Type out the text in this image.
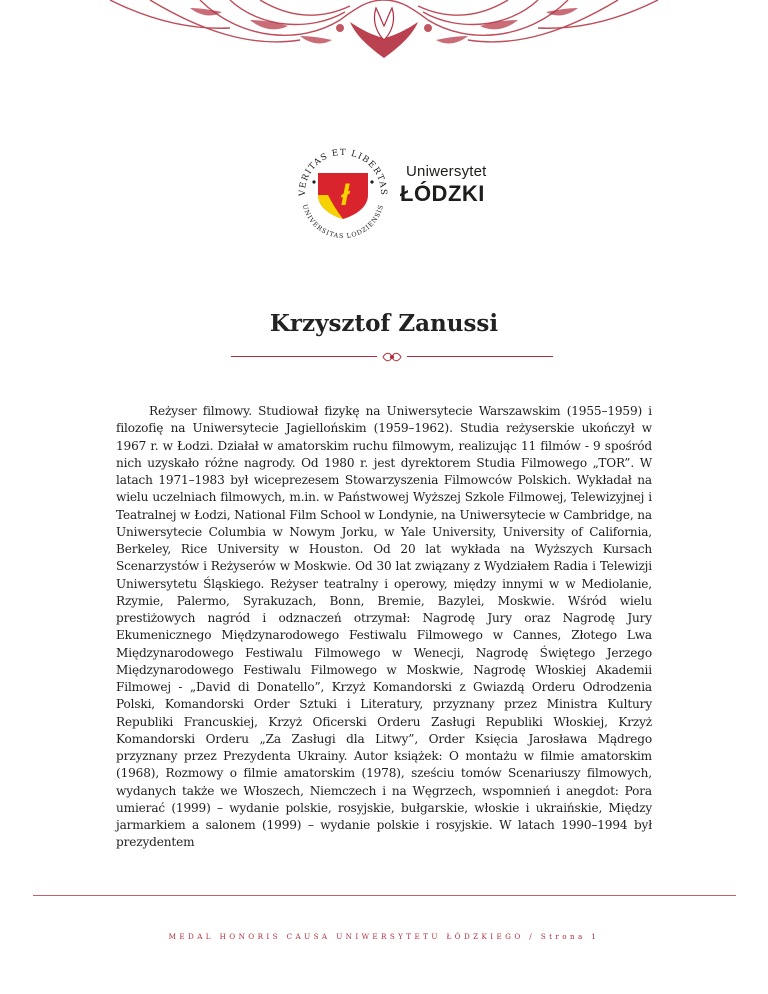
VERITAS ET LIBERTAS
UNIVERSITAS LODZIENSIS
ł
Uniwersytet
ŁÓDZKI
Krzysztof Zanussi

Reżyser filmowy. Studiował fizykę na Uniwersytecie Warszawskim (1955–1959) i filozofię na Uniwersytecie Jagiellońskim (1959–1962). Studia reżyserskie ukończył w 1967 r. w Łodzi. Działał w amatorskim ruchu filmowym, realizując 11 filmów - 9 spośród nich uzyskało różne nagrody. Od 1980 r. jest dyrektorem Studia Filmowego „TOR”. W latach 1971–1983 był wiceprezesem Stowarzyszenia Filmowców Polskich. Wykładał na wielu uczelniach filmowych, m.in. w Państwowej Wyższej Szkole Filmowej, Telewizyjnej i Teatralnej w Łodzi, National Film School w Londynie, na Uniwersytecie w Cambridge, na Uniwersytecie Columbia w Nowym Jorku, w Yale University, University of California, Berkeley, Rice University w Houston. Od 20 lat wykłada na Wyższych Kursach Scenarzystów i Reżyserów w Moskwie. Od 30 lat związany z Wydziałem Radia i Telewizji Uniwersytetu Śląskiego. Reżyser teatralny i operowy, między innymi w w Mediolanie, Rzymie, Palermo, Syrakuzach, Bonn, Bremie, Bazylei, Moskwie. Wśród wielu prestiżowych nagród i odznaczeń otrzymał: Nagrodę Jury oraz Nagrodę Jury Ekumenicznego Międzynarodowego Festiwalu Filmowego w Cannes, Złotego Lwa Międzynarodowego Festiwalu Filmowego w Wenecji, Nagrodę Świętego Jerzego Międzynarodowego Festiwalu Filmowego w Moskwie, Nagrodę Włoskiej Akademii Filmowej - „David di Donatello”, Krzyż Komandorski z Gwiazdą Orderu Odrodzenia Polski, Komandorski Order Sztuki i Literatury, przyznany przez Ministra Kultury Republiki Francuskiej, Krzyż Oficerski Orderu Zasługi Republiki Włoskiej, Krzyż Komandorski Orderu „Za Zasługi dla Litwy”, Order Księcia Jarosława Mądrego przyznany przez Prezydenta Ukrainy. Autor książek: O montażu w filmie amatorskim (1968), Rozmowy o filmie amatorskim (1978), sześciu tomów Scenariuszy filmowych, wydanych także we Włoszech, Niemczech i na Węgrzech, wspomnień i anegdot: Pora umierać (1999) – wydanie polskie, rosyjskie, bułgarskie, włoskie i ukraińskie, Między jarmarkiem a salonem (1999) – wydanie polskie i rosyjskie. W latach 1990–1994 był prezydentem

MEDAL HONORIS CAUSA UNIWERSYTETU ŁÓDZKIEGO / Strona 1
